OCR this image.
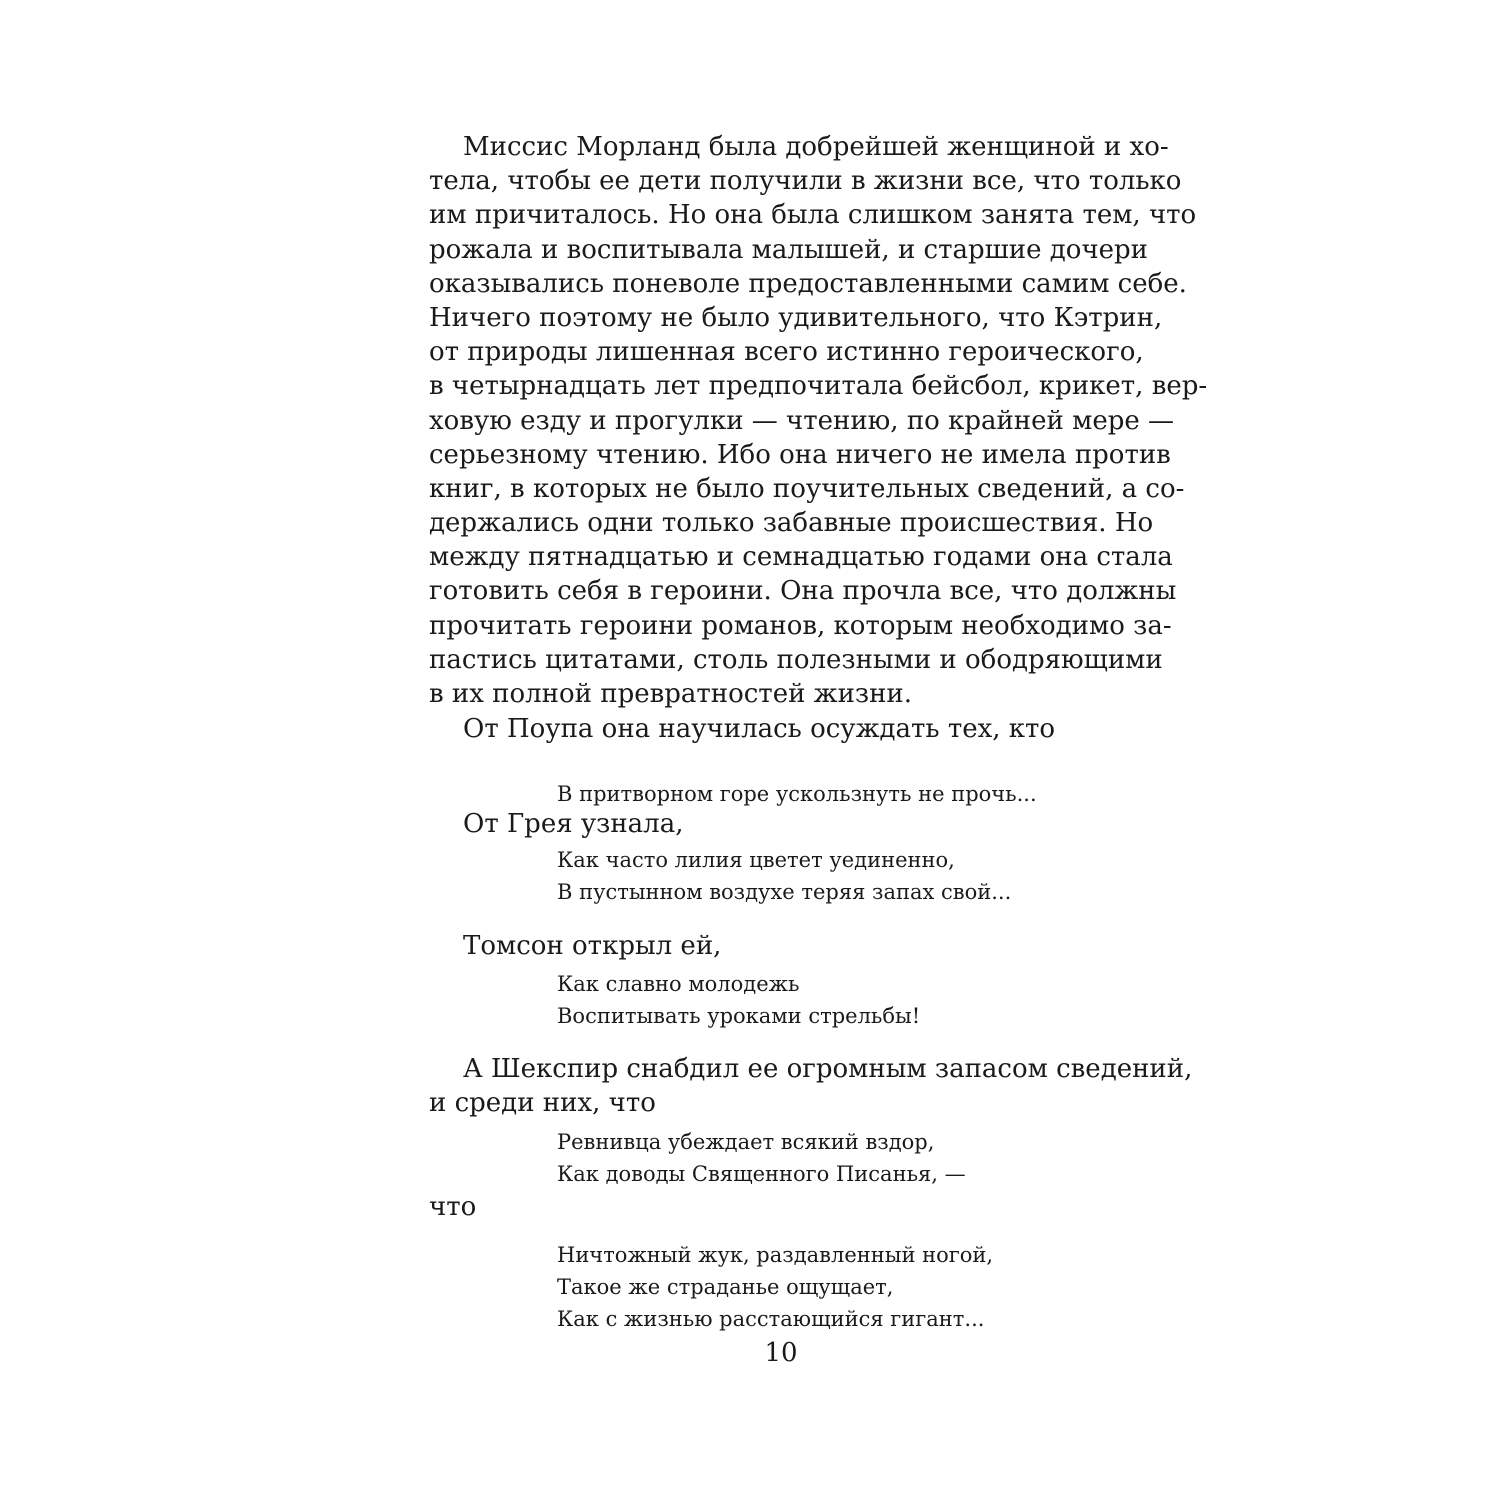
Миссис Морланд была добрейшей женщиной и хо-
тела, чтобы ее дети получили в жизни все, что только
им причиталось. Но она была слишком занята тем, что
рожала и воспитывала малышей, и старшие дочери
оказывались поневоле предоставленными самим себе.
Ничего поэтому не было удивительного, что Кэтрин,
от природы лишенная всего истинно героического,
в четырнадцать лет предпочитала бейсбол, крикет, вер-
ховую езду и прогулки — чтению, по крайней мере —
серьезному чтению. Ибо она ничего не имела против
книг, в которых не было поучительных сведений, а со-
держались одни только забавные происшествия. Но
между пятнадцатью и семнадцатью годами она стала
готовить себя в героини. Она прочла все, что должны
прочитать героини романов, которым необходимо за-
пастись цитатами, столь полезными и ободряющими
в их полной превратностей жизни.
От Поупа она научилась осуждать тех, кто
В притворном горе ускользнуть не прочь...
От Грея узнала,
Как часто лилия цветет уединенно,
В пустынном воздухе теряя запах свой...
Томсон открыл ей,
Как славно молодежь
Воспитывать уроками стрельбы!
А Шекспир снабдил ее огромным запасом сведений,
и среди них, что
Ревнивца убеждает всякий вздор,
Как доводы Священного Писанья, —
что
Ничтожный жук, раздавленный ногой,
Такое же страданье ощущает,
Как с жизнью расстающийся гигант...
10
